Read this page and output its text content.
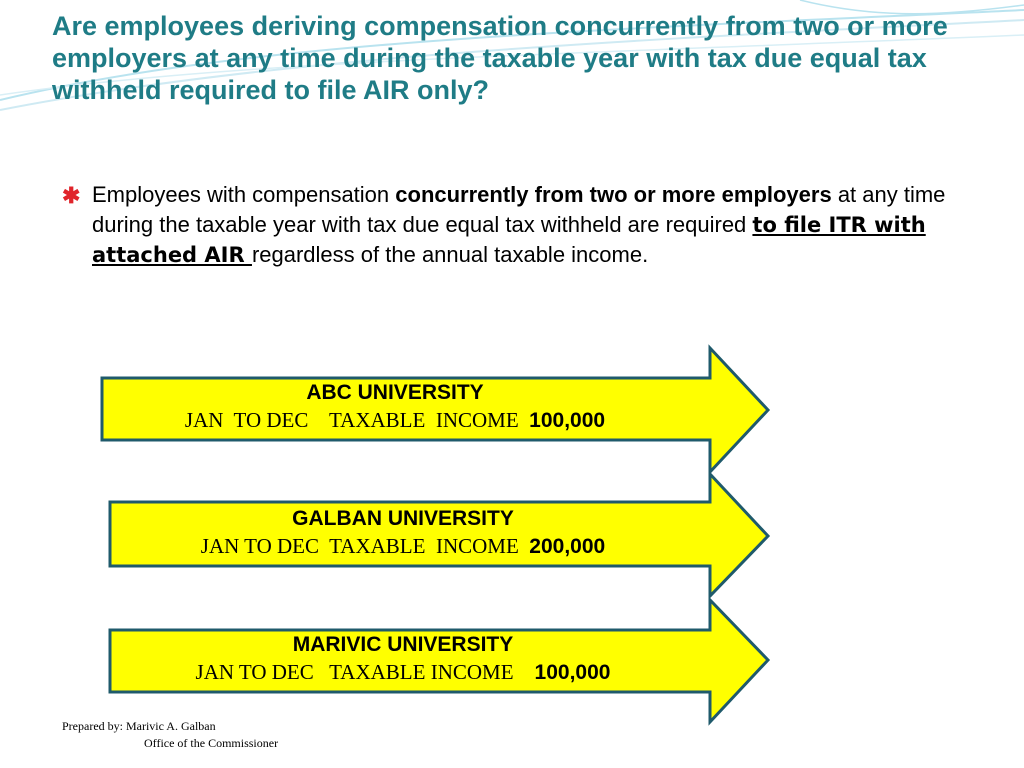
Are employees deriving compensation concurrently from two or more employers at any time during the taxable year with tax due equal tax withheld required to file AIR only?
✱ Employees with compensation concurrently from two or more employers at any time during the taxable year with tax due equal tax withheld are required to file ITR with attached AIR regardless of the annual taxable income.

ABC UNIVERSITY
JAN  TO DEC    TAXABLE  INCOME  100,000
GALBAN UNIVERSITY
JAN TO DEC  TAXABLE  INCOME  200,000
MARIVIC UNIVERSITY
JAN TO DEC   TAXABLE INCOME    100,000
Prepared by: Marivic A. Galban
Office of the Commissioner
